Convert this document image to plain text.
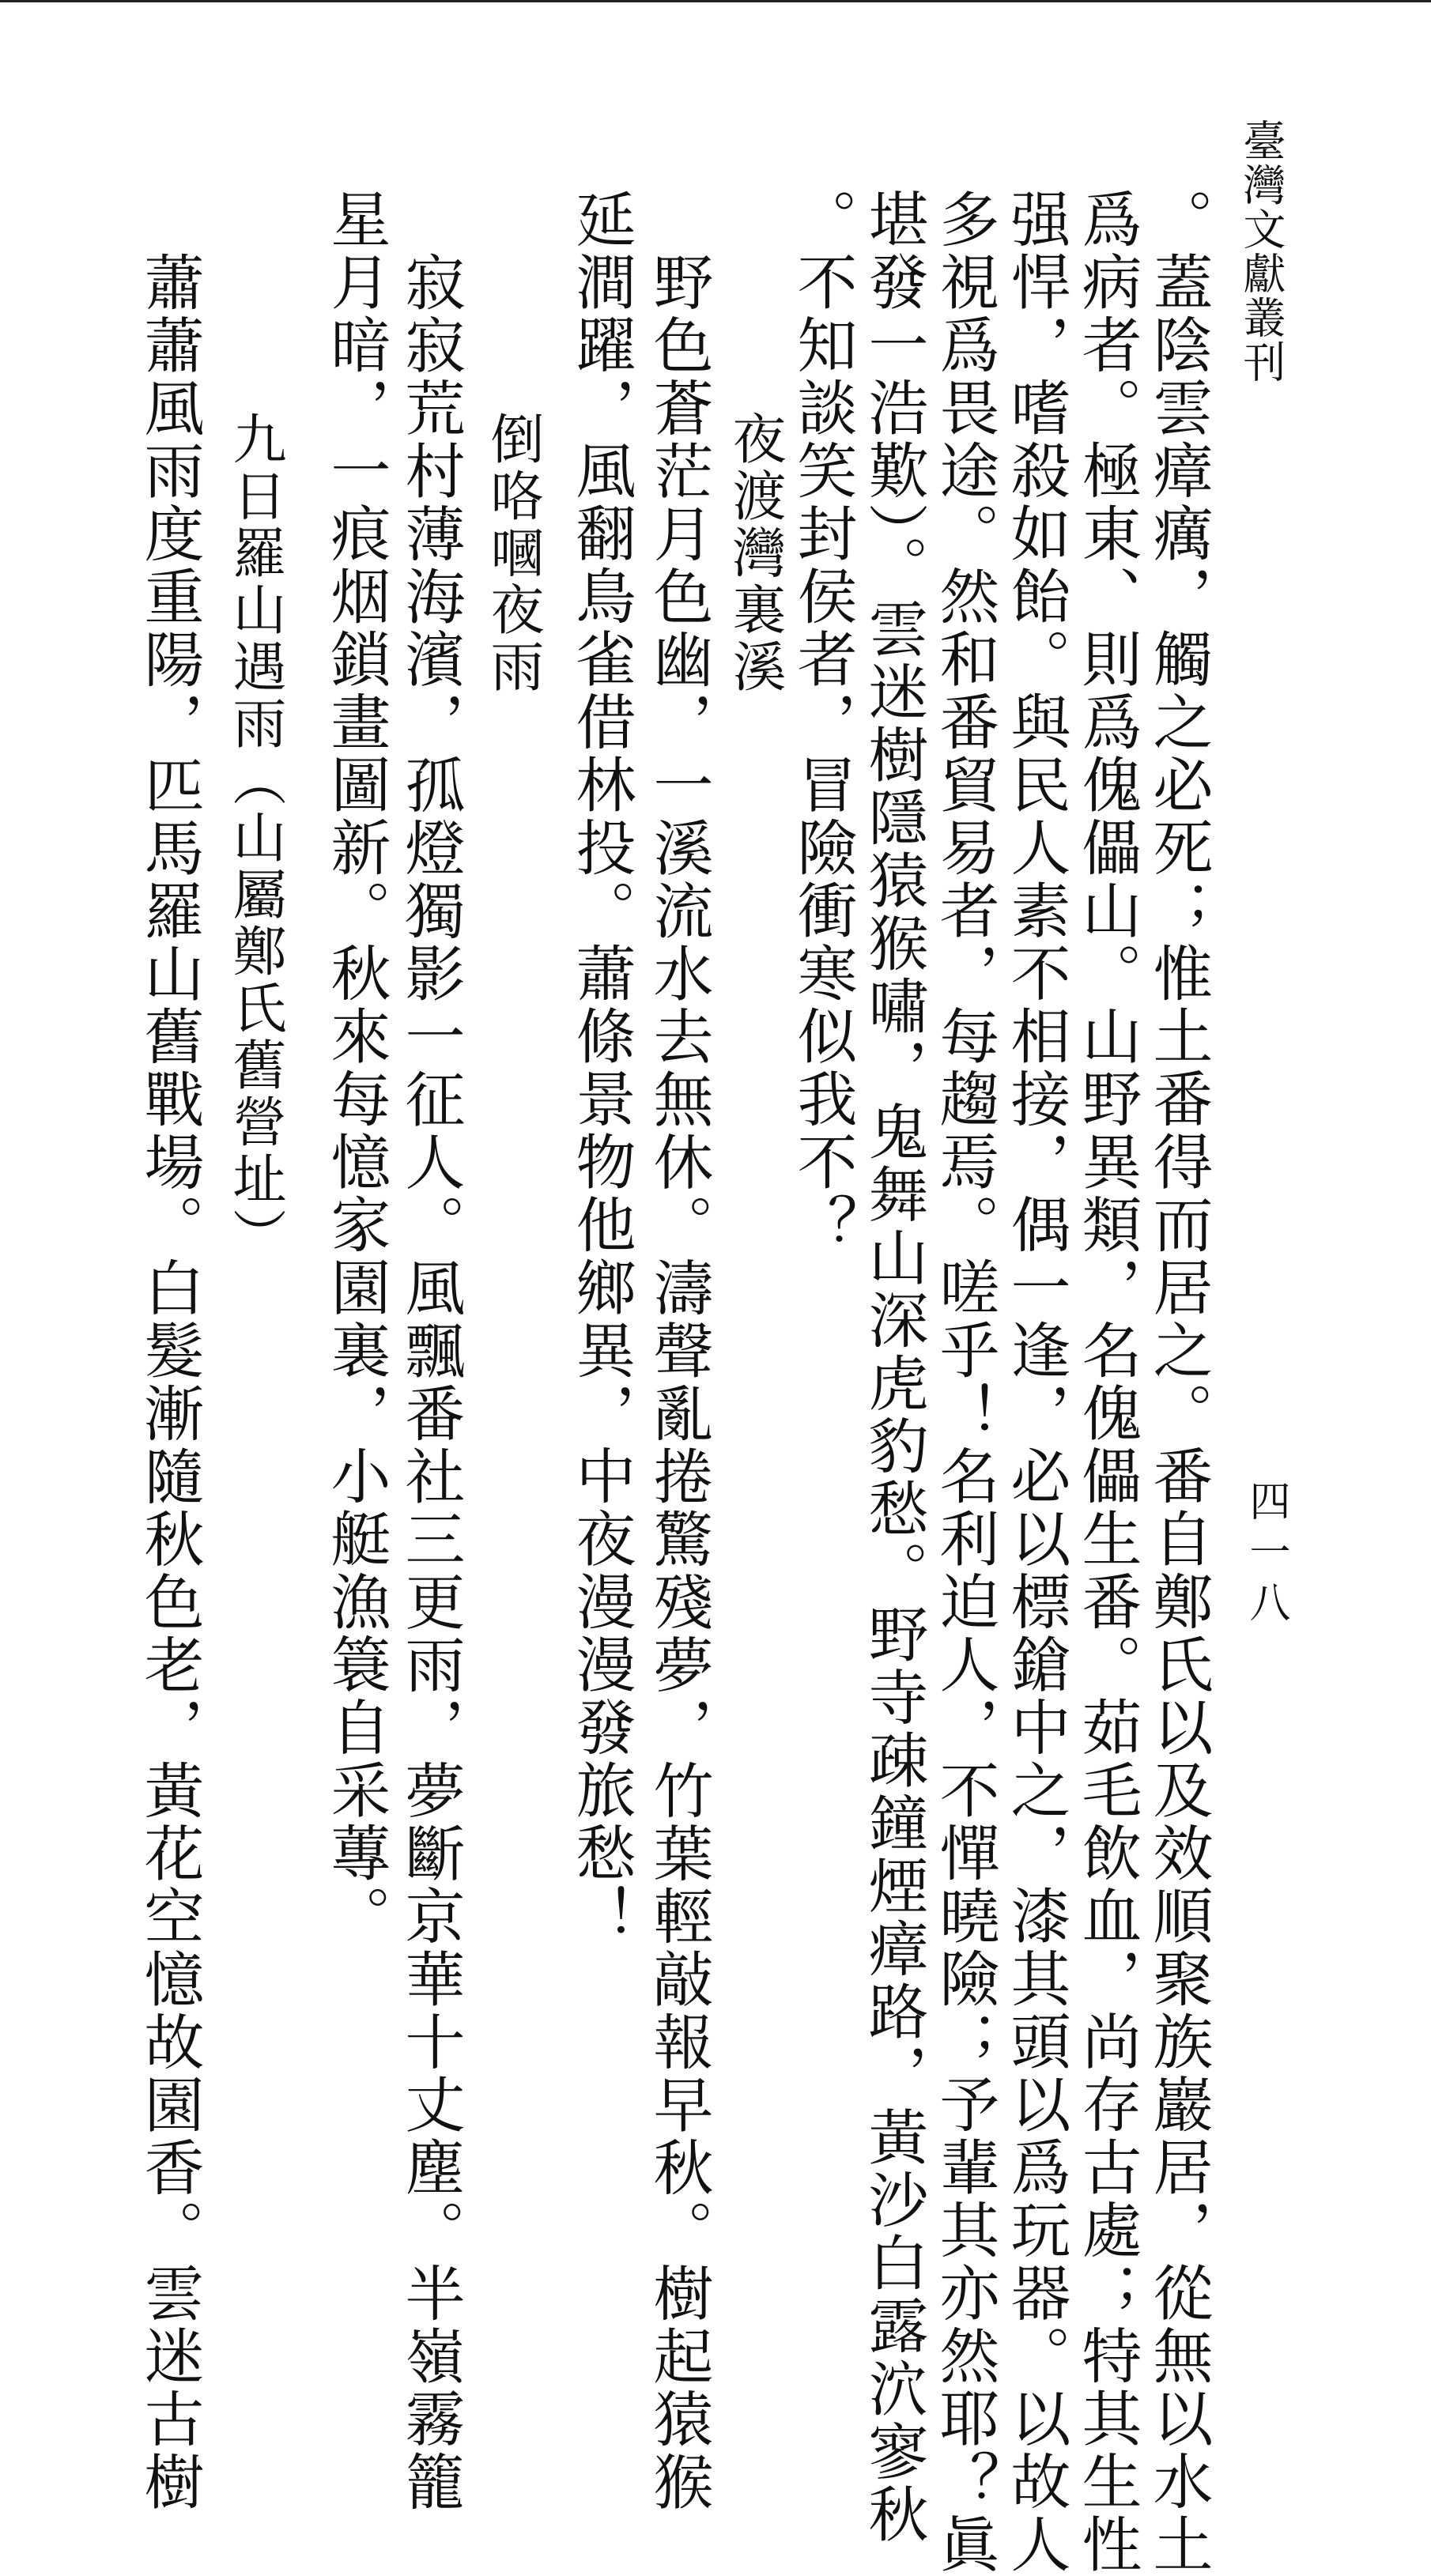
臺灣文獻叢刊
四一八
。蓋陰雲瘴癘，觸之必死；惟土番得而居之。番自鄭氏以及效順聚族巖居，從無以水土
爲病者。極東、則爲傀儡山。山野異類，名傀儡生番。茹毛飲血，尚存古處；特其生性
强悍，嗜殺如飴。與民人素不相接，偶一逢，必以標鎗中之，漆其頭以爲玩器。以故人
多視爲畏途。然和番貿易者，每趨焉。嗟乎！名利迫人，不憚曉險；予輩其亦然耶？眞
堪發一浩歎）。雲迷樹隱猿猴嘯，鬼舞山深虎豹愁。野寺疎鐘煙瘴路，黃沙白露泬寥秋
。不知談笑封侯者，冒險衝寒似我不？
夜渡灣裏溪
野色蒼茫月色幽，一溪流水去無休。濤聲亂捲驚殘夢，竹葉輕敲報早秋。樹起猿猴
延澗躍，風翻鳥雀借林投。蕭條景物他鄉異，中夜漫漫發旅愁！
倒咯嘓夜雨
寂寂荒村薄海濱，孤燈獨影一征人。風飄番社三更雨，夢斷京華十丈塵。半嶺霧籠
星月暗，一痕烟鎖畫圖新。秋來每憶家園裏，小艇漁簑自采蓴。
九日羅山遇雨（山屬鄭氏舊營址）
蕭蕭風雨度重陽，匹馬羅山舊戰場。白髮漸隨秋色老，黃花空憶故園香。雲迷古樹
